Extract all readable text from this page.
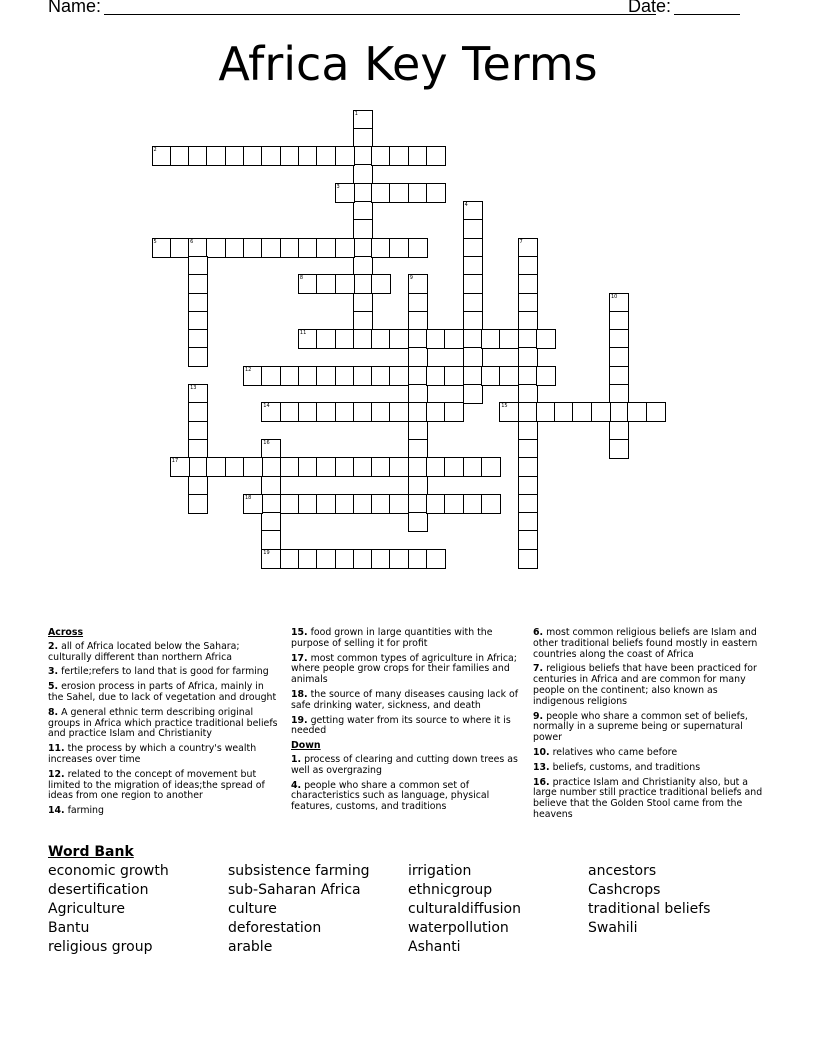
Name:	Date:
Africa Key Terms
1
2
3
4
5	6	7
8	9
10
11
12
13
14	15
16
17
18
19
Across
2. all of Africa located below the Sahara; culturally different than northern Africa
3. fertile;refers to land that is good for farming
5. erosion process in parts of Africa, mainly in the Sahel, due to lack of vegetation and drought
8. A general ethnic term describing original groups in Africa which practice traditional beliefs and practice Islam and Christianity
11. the process by which a country's wealth increases over time
12. related to the concept of movement but limited to the migration of ideas;the spread of ideas from one region to another
14. farming
15. food grown in large quantities with the purpose of selling it for profit
17. most common types of agriculture in Africa; where people grow crops for their families and animals
18. the source of many diseases causing lack of safe drinking water, sickness, and death
19. getting water from its source to where it is needed
Down
1. process of clearing and cutting down trees as well as overgrazing
4. people who share a common set of characteristics such as language, physical features, customs, and traditions
6. most common religious beliefs are Islam and other traditional beliefs found mostly in eastern countries along the coast of Africa
7. religious beliefs that have been practiced for centuries in Africa and are common for many people on the continent; also known as indigenous religions
9. people who share a common set of beliefs, normally in a supreme being or supernatural power
10. relatives who came before
13. beliefs, customs, and traditions
16. practice Islam and Christianity also, but a large number still practice traditional beliefs and believe that the Golden Stool came from the heavens
Word Bank
economic growth
desertification
Agriculture
Bantu
religious group
subsistence farming
sub-Saharan Africa
culture
deforestation
arable
irrigation
ethnicgroup
culturaldiffusion
waterpollution
Ashanti
ancestors
Cashcrops
traditional beliefs
Swahili
